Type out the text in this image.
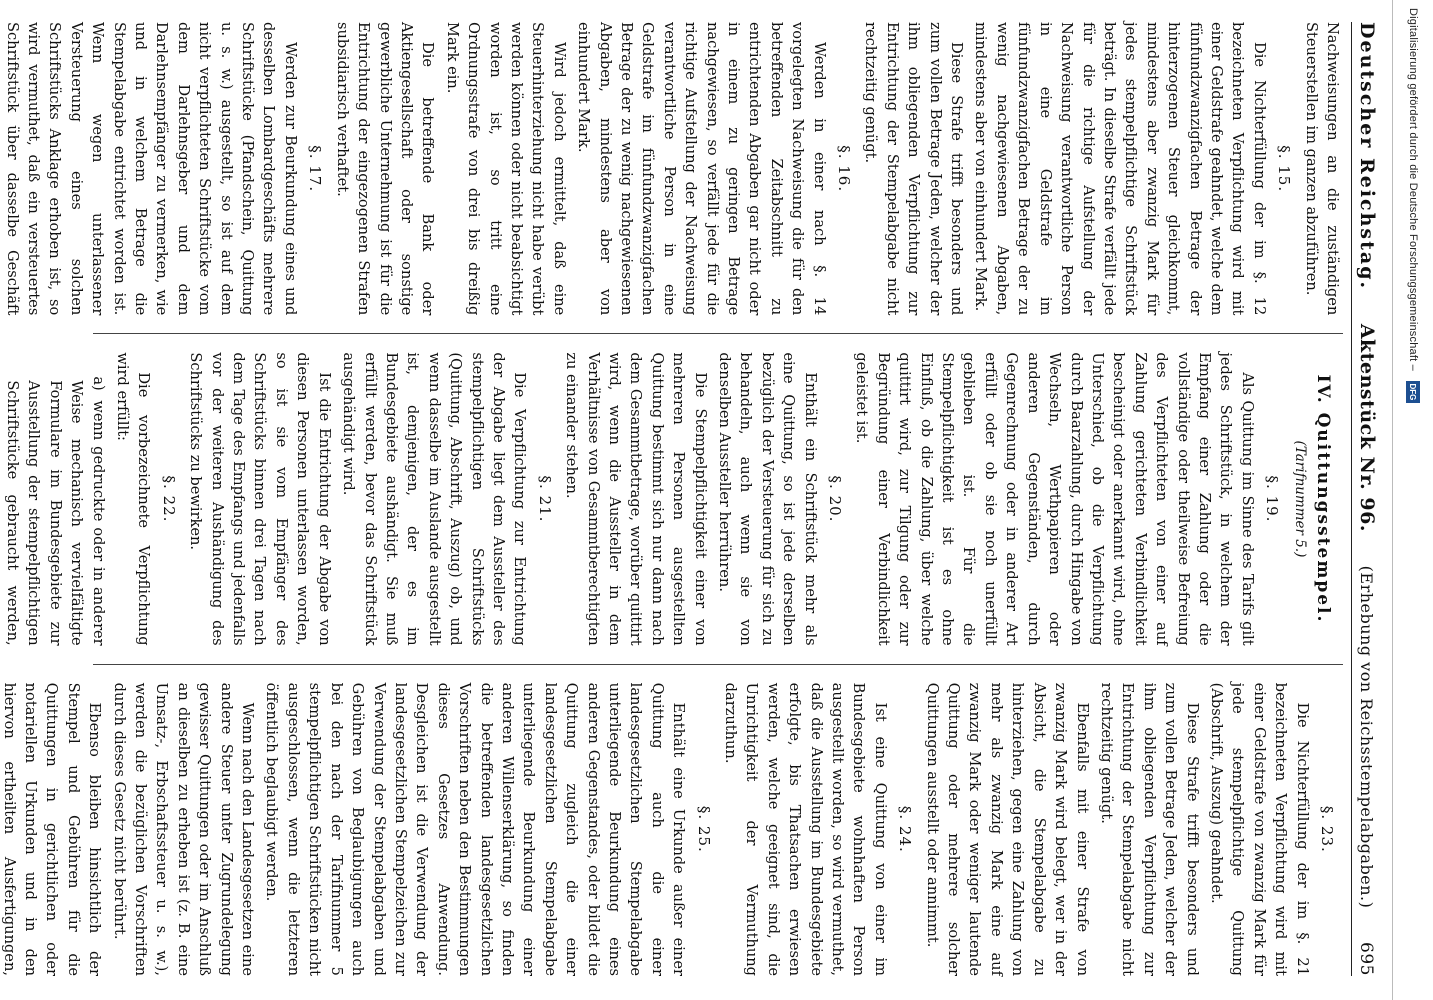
Deutscher Reichstag.
Aktenstück Nr. 96.
(Erhebung von Reichsstempelabgaben.)
695

Nachweisungen an die zuständigen Steuerstellen im ganzen abzuführen.

§. 15.

Die Nichterfüllung der im §. 12 bezeichneten Verpflichtung wird mit einer Geldstrafe geahndet, welche dem fünfundzwanzigfachen Betrage der hinterzogenen Steuer gleichkommt, mindestens aber zwanzig Mark für jedes stempelpflichtige Schriftstück beträgt. In dieselbe Strafe verfällt jede für die richtige Aufstellung der Nachweisung verantwortliche Person in eine Geldstrafe im fünfundzwanzigfachen Betrage der zu wenig nachgewiesenen Abgaben, mindestens aber von einhundert Mark.

Diese Strafe trifft besonders und zum vollen Betrage Jeden, welcher der ihm obliegenden Verpflichtung zur Entrichtung der Stempelabgabe nicht rechtzeitig genügt.

§. 16.

Werden in einer nach §. 14 vorgelegten Nachweisung die für den betreffenden Zeitabschnitt zu entrichtenden Abgaben gar nicht oder in einem zu geringen Betrage nachgewiesen, so verfällt jede für die richtige Aufstellung der Nachweisung verantwortliche Person in eine Geldstrafe im fünfundzwanzigfachen Betrage der zu wenig nachgewiesenen Abgaben, mindestens aber von einhundert Mark.

Wird jedoch ermittelt, daß eine Steuerhinterziehung nicht habe verübt werden können oder nicht beabsichtigt worden ist, so tritt eine Ordnungsstrafe von drei bis dreißig Mark ein.

Die betreffende Bank oder Aktiengesellschaft oder sonstige gewerbliche Unternehmung ist für die Entrichtung der eingezogenen Strafen subsidiarisch verhaftet.

§. 17.

Werden zur Beurkundung eines und desselben Lombardgeschäfts mehrere Schriftstücke (Pfandschein, Quittung u. s. w.) ausgestellt, so ist auf dem nicht verpflichteten Schriftstücke vom dem Darlehnsgeber und dem Darlehnsempfänger zu vermerken, wie und in welchem Betrage die Stempelabgabe entrichtet worden ist. Wenn wegen unterlassener Versteuerung eines solchen Schriftstücks Anklage erhoben ist, so wird vermuthet, daß ein versteuertes Schriftstück über dasselbe Geschäft

IV. Quittungsstempel.
(Tarifnummer 5.)
§. 19.

Als Quittung im Sinne des Tarifs gilt jedes Schriftstück, in welchem der Empfang einer Zahlung oder die vollständige oder theilweise Befreiung des Verpflichteten von einer auf Zahlung gerichteten Verbindlichkeit bescheinigt oder anerkannt wird, ohne Unterschied, ob die Verpflichtung durch Baarzahlung, durch Hingabe von Wechseln, Werthpapieren oder anderen Gegenständen, durch Gegenrechnung oder in anderer Art erfüllt oder ob sie noch unerfüllt geblieben ist. Für die Stempelpflichtigkeit ist es ohne Einfluß, ob die Zahlung, über welche quittirt wird, zur Tilgung oder zur Begründung einer Verbindlichkeit geleistet ist.

§. 20.

Enthält ein Schriftstück mehr als eine Quittung, so ist jede derselben bezüglich der Versteuerung für sich zu behandeln, auch wenn sie von denselben Aussteller herrühren.

Die Stempelpflichtigkeit einer von mehreren Personen ausgestellten Quittung bestimmt sich nur dann nach dem Gesammtbetrage, worüber quittirt wird, wenn die Aussteller in dem Verhältnisse von Gesammtberechtigten zu einander stehen.

§. 21.

Die Verpflichtung zur Entrichtung der Abgabe liegt dem Aussteller des stempelpflichtigen Schriftstücks (Quittung, Abschrift, Auszug) ob, und wenn dasselbe im Auslande ausgestellt ist, demjenigen, der es im Bundesgebiete aushändigt. Sie muß erfüllt werden, bevor das Schriftstück ausgehändigt wird.

Ist die Entrichtung der Abgabe von diesen Personen unterlassen worden, so ist sie vom Empfänger des Schriftstücks binnen drei Tagen nach dem Tage des Empfangs und jedenfalls vor der weiteren Aushändigung des Schriftstücks zu bewirken.

§. 22.

Die vorbezeichnete Verpflichtung wird erfüllt:

a)
wenn gedruckte oder in anderer Weise mechanisch vervielfältigte Formulare im Bundesgebiete zur Ausstellung der stempelpflichtigen Schriftstücke gebraucht werden,

§. 23.

Die Nichterfüllung der im §. 21 bezeichneten Verpflichtung wird mit einer Geldstrafe von zwanzig Mark für jede stempelpflichtige Quittung (Abschrift, Auszug) geahndet.

Diese Strafe trifft besonders und zum vollen Betrage Jeden, welcher der ihm obliegenden Verpflichtung zur Entrichtung der Stempelabgabe nicht rechtzeitig genügt.

Ebenfalls mit einer Strafe von zwanzig Mark wird belegt, wer in der Absicht, die Stempelabgabe zu hinterziehen, gegen eine Zahlung von mehr als zwanzig Mark eine auf zwanzig Mark oder weniger lautende Quittung oder mehrere solcher Quittungen ausstellt oder annimmt.

§. 24.

Ist eine Quittung von einer im Bundesgebiete wohnhaften Person ausgestellt worden, so wird vermuthet, daß die Ausstellung im Bundesgebiete erfolgte, bis Thatsachen erwiesen werden, welche geeignet sind, die Unrichtigkeit der Vermuthung darzuthun.

§. 25.

Enthält eine Urkunde außer einer Quittung auch die einer landesgesetzlichen Stempelabgabe unterliegende Beurkundung eines anderen Gegenstandes, oder bildet die Quittung zugleich die einer landesgesetzlichen Stempelabgabe unterliegende Beurkundung einer anderen Willenserklärung, so finden die betreffenden landesgesetzlichen Vorschriften neben den Bestimmungen dieses Gesetzes Anwendung. Desgleichen ist die Verwendung der landesgesetzlichen Stempelzeichen zur Verwendung der Stempelabgaben und Gebühren von Beglaubigungen auch bei den nach der Tarifnummer 5 stempelpflichtigen Schriftstücken nicht ausgeschlossen, wenn die letzteren öffentlich beglaubigt werden.

Wenn nach den Landesgesetzen eine andere Steuer unter Zugrundelegung gewisser Quittungen oder im Anschluß an dieselben zu erheben ist (z. B. eine Umsatz-, Erbschaftssteuer u. s. w.), werden die bezüglichen Vorschriften durch dieses Gesetz nicht berührt.

Ebenso bleiben hinsichtlich der Stempel und Gebühren für die Quittungen in gerichtlichen oder notariellen Urkunden und in den hiervon ertheilten Ausfertigungen,

Digitalisierung gefördert durch die Deutsche Forschungsgemeinschaft –
DFG
